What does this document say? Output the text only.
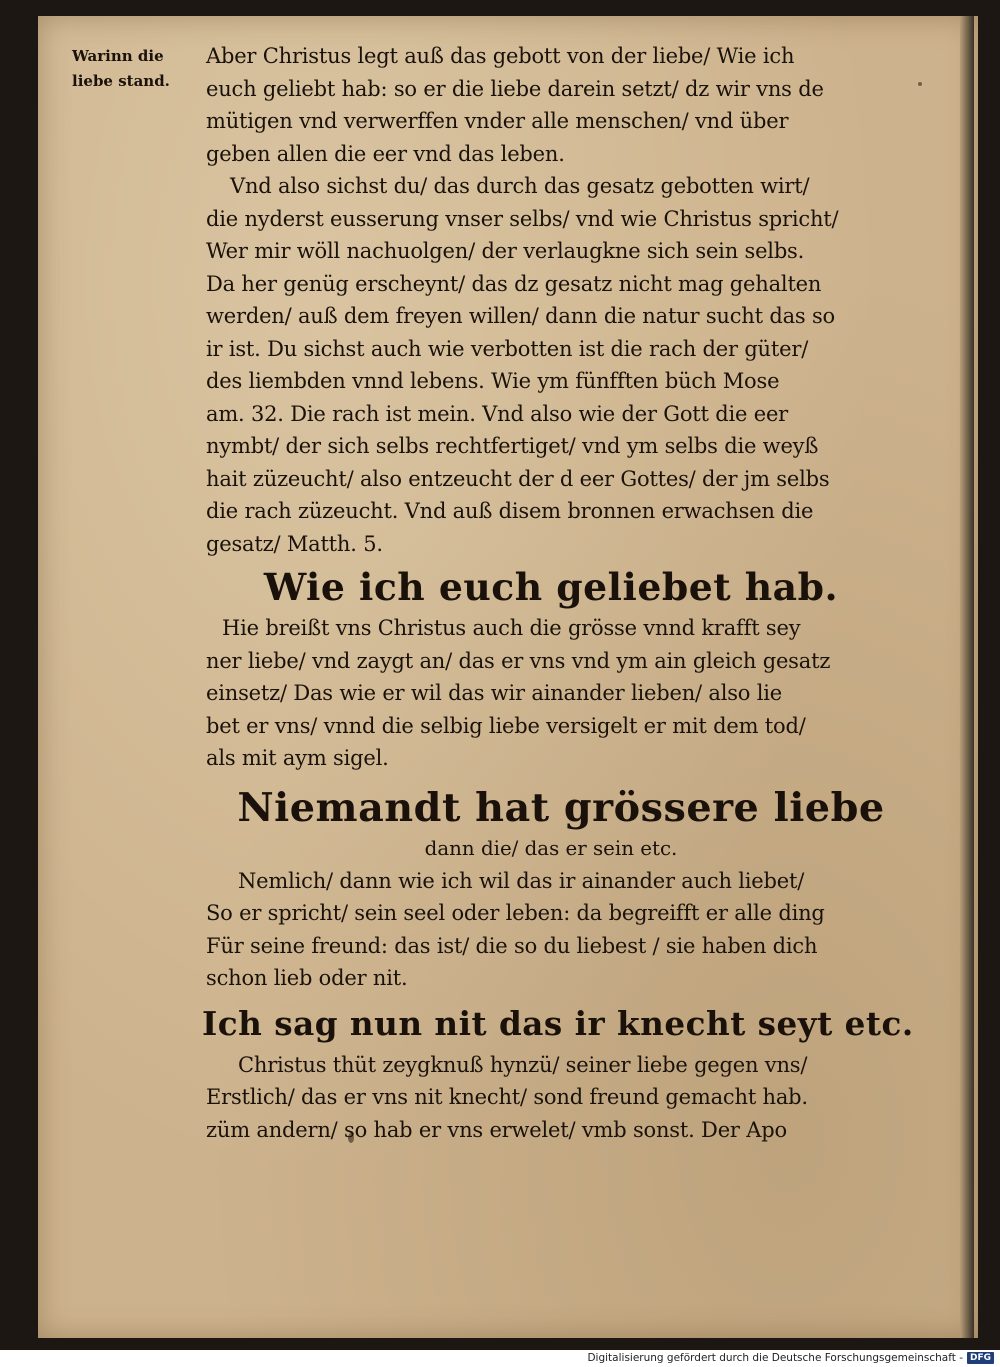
Warinn die
liebe stand.
Aber Christus legt auß das gebott von der liebe/ Wie ich
euch geliebt hab: so er die liebe darein setzt/ dz wir vns de
mütigen vnd verwerffen vnder alle menschen/ vnd über
geben allen die eer vnd das leben.
Vnd also sichst du/ das durch das gesatz gebotten wirt/
die nyderst eusserung vnser selbs/ vnd wie Christus spricht/
Wer mir wöll nachuolgen/ der verlaugkne sich sein selbs.
Da her genüg erscheynt/ das dz gesatz nicht mag gehalten
werden/ auß dem freyen willen/ dann die natur sucht das so
ir ist. Du sichst auch wie verbotten ist die rach der güter/
des liembden vnnd lebens. Wie ym fünfften büch Mose
am. 32. Die rach ist mein. Vnd also wie der Gott die eer
nymbt/ der sich selbs rechtfertiget/ vnd ym selbs die weyß
hait züzeucht/ also entzeucht der d eer Gottes/ der jm selbs
die rach züzeucht. Vnd auß disem bronnen erwachsen die
gesatz/ Matth. 5.
Wie ich euch geliebet hab.
Hie breißt vns Christus auch die grösse vnnd krafft sey
ner liebe/ vnd zaygt an/ das er vns vnd ym ain gleich gesatz
einsetz/ Das wie er wil das wir ainander lieben/ also lie
bet er vns/ vnnd die selbig liebe versigelt er mit dem tod/
als mit aym sigel.
Niemandt hat grössere liebe
dann die/ das er sein etc.
Nemlich/ dann wie ich wil das ir ainander auch liebet/
So er spricht/ sein seel oder leben: da begreifft er alle ding
Für seine freund: das ist/ die so du liebest / sie haben dich
schon lieb oder nit.
Ich sag nun nit das ir knecht seyt etc.
Christus thüt zeygknuß hynzü/ seiner liebe gegen vns/
Erstlich/ das er vns nit knecht/ sond freund gemacht hab.
züm andern/ so hab er vns erwelet/ vmb sonst. Der Apo
Digitalisierung gefördert durch die Deutsche Forschungsgemeinschaft - DFG
